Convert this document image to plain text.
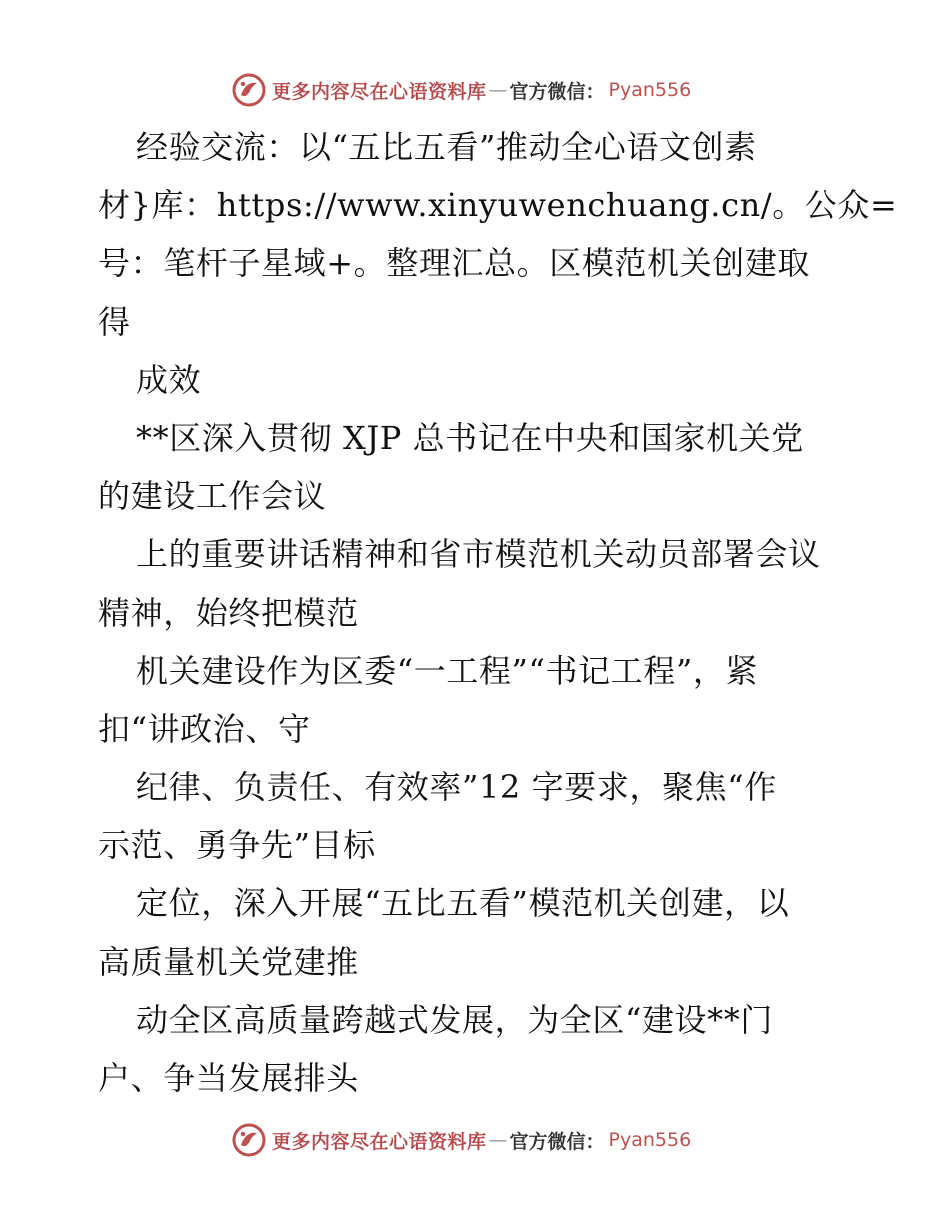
更多内容尽在心语资料库 — 官方微信： Pyan556
经验交流：以“五比五看”推动全心语文创素
材}库：https://www.xinyuwenchuang.cn/。公众=
号：笔杆子星域+。整理汇总。区模范机关创建取
得
成效
**区深入贯彻 XJP 总书记在中央和国家机关党
的建设工作会议
上的重要讲话精神和省市模范机关动员部署会议
精神，始终把模范
机关建设作为区委“一工程”“书记工程”，紧
扣“讲政治、守
纪律、负责任、有效率”12 字要求，聚焦“作
示范、勇争先”目标
定位，深入开展“五比五看”模范机关创建，以
高质量机关党建推
动全区高质量跨越式发展，为全区“建设**门
户、争当发展排头
更多内容尽在心语资料库 — 官方微信： Pyan556
